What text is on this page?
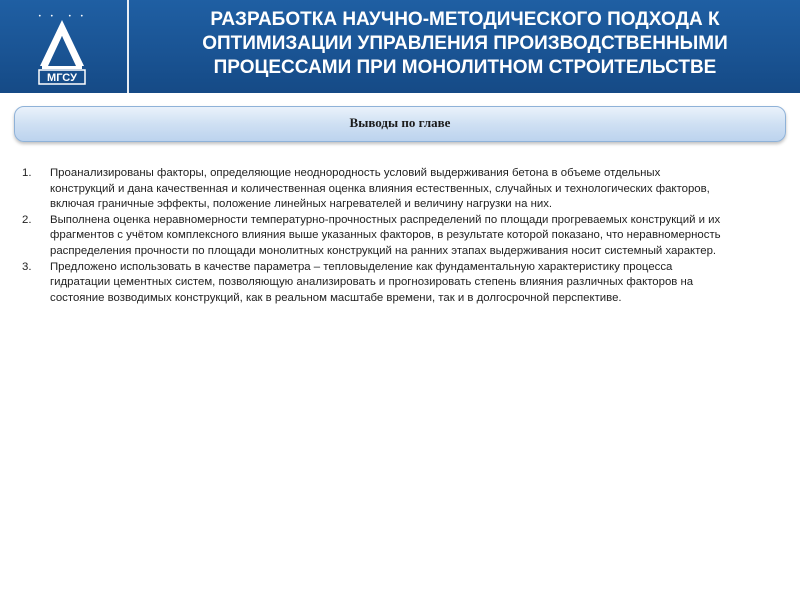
• • • •
МГСУ
РАЗРАБОТКА НАУЧНО-МЕТОДИЧЕСКОГО ПОДХОДА К
ОПТИМИЗАЦИИ УПРАВЛЕНИЯ ПРОИЗВОДСТВЕННЫМИ
ПРОЦЕССАМИ ПРИ МОНОЛИТНОМ СТРОИТЕЛЬСТВЕ
Выводы по главе
1.	Проанализированы факторы, определяющие неоднородность условий выдерживания бетона в объеме отдельных конструкций и дана качественная и количественная оценка влияния естественных, случайных и технологических факторов, включая граничные эффекты, положение линейных нагревателей и величину нагрузки на них.
2.	Выполнена оценка неравномерности температурно-прочностных распределений по площади прогреваемых конструкций и их фрагментов с учётом комплексного влияния выше указанных факторов, в результате которой показано, что неравномерность распределения прочности по площади монолитных конструкций на ранних этапах выдерживания носит системный характер.
3.	Предложено использовать в качестве параметра – тепловыделение как фундаментальную характеристику процесса гидратации цементных систем, позволяющую анализировать и прогнозировать степень влияния различных факторов на состояние возводимых конструкций, как в реальном масштабе времени, так и в долгосрочной перспективе.
